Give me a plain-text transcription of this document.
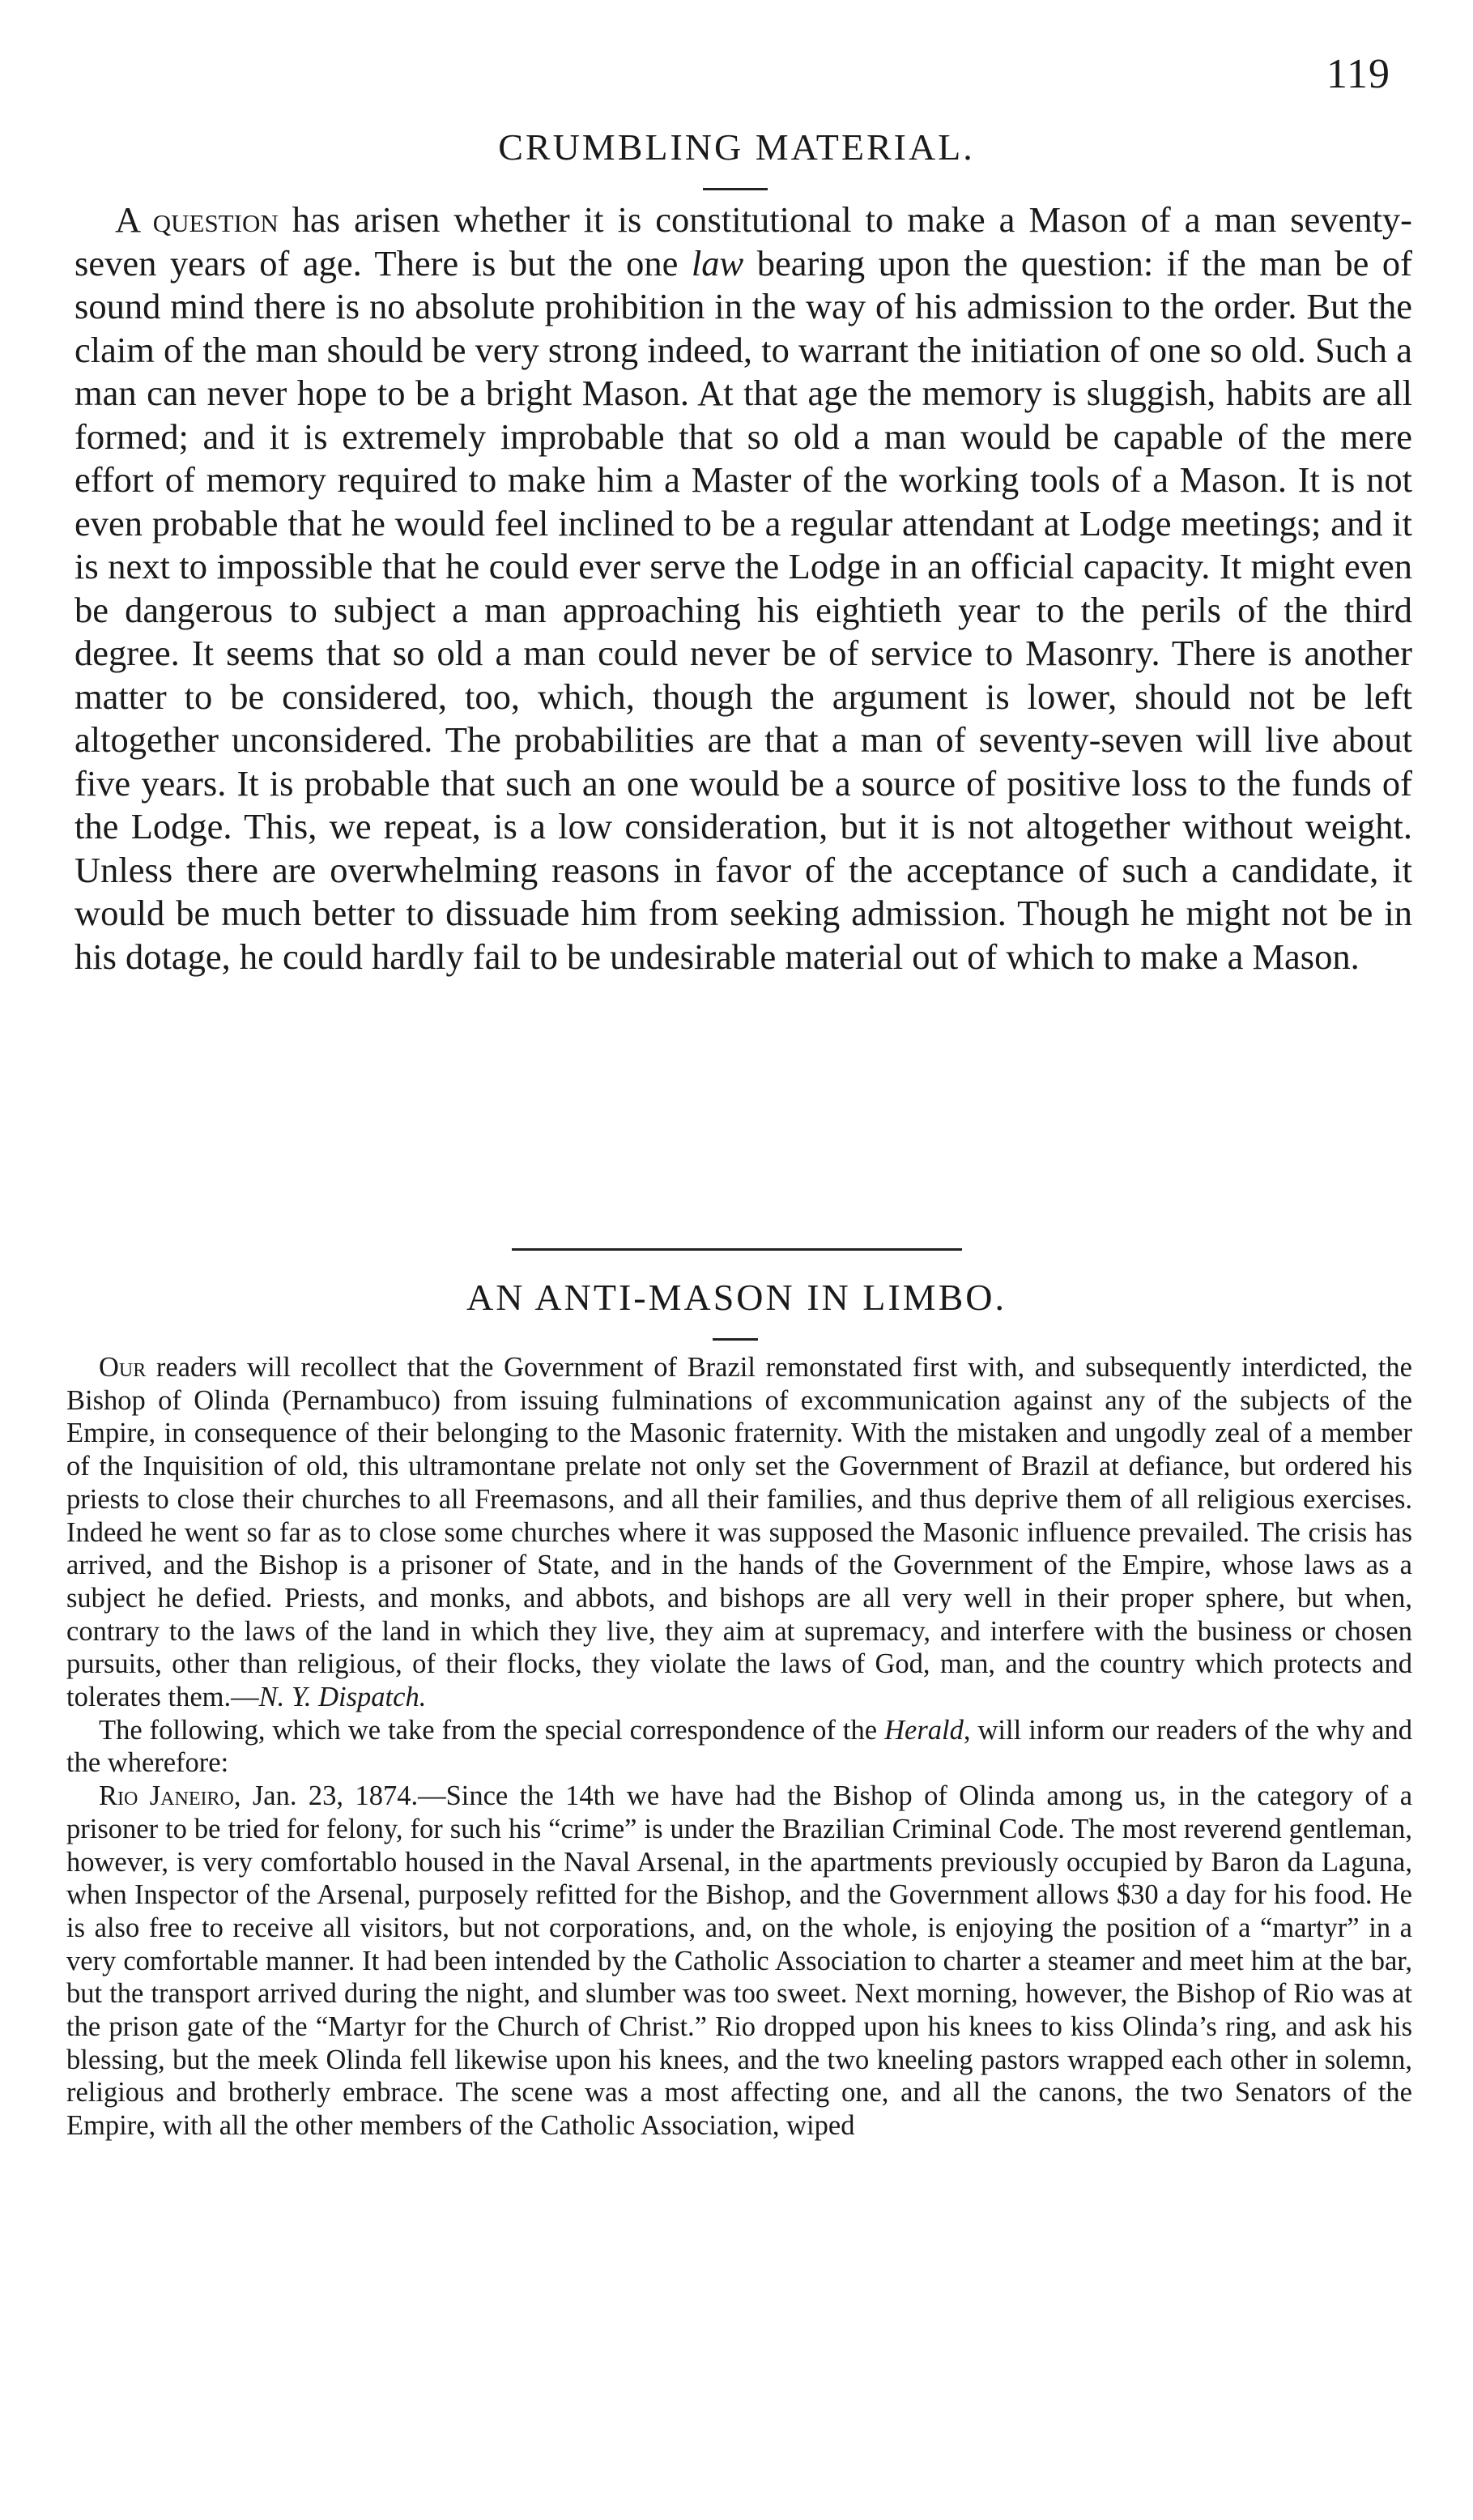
119
CRUMBLING MATERIAL.

A question has arisen whether it is constitutional to make a Mason of a man seventy-seven years of age. There is but the one law bearing upon the question: if the man be of sound mind there is no absolute prohibition in the way of his admission to the order. But the claim of the man should be very strong indeed, to warrant the initiation of one so old. Such a man can never hope to be a bright Mason. At that age the memory is sluggish, habits are all formed; and it is extremely improbable that so old a man would be capable of the mere effort of memory required to make him a Master of the working tools of a Mason. It is not even probable that he would feel inclined to be a regular attendant at Lodge meetings; and it is next to impossible that he could ever serve the Lodge in an official capacity. It might even be dangerous to subject a man approaching his eightieth year to the perils of the third degree. It seems that so old a man could never be of service to Masonry. There is another matter to be considered, too, which, though the argument is lower, should not be left altogether unconsidered. The probabilities are that a man of seventy-seven will live about five years. It is probable that such an one would be a source of positive loss to the funds of the Lodge. This, we repeat, is a low consideration, but it is not altogether without weight. Unless there are overwhelming reasons in favor of the acceptance of such a candidate, it would be much better to dissuade him from seeking admission. Though he might not be in his dotage, he could hardly fail to be undesirable material out of which to make a Mason.

AN ANTI-MASON IN LIMBO.

Our readers will recollect that the Government of Brazil remonstated first with, and subsequently interdicted, the Bishop of Olinda (Pernambuco) from issuing fulminations of excommunication against any of the subjects of the Empire, in consequence of their belonging to the Masonic fraternity. With the mistaken and ungodly zeal of a member of the Inquisition of old, this ultramontane prelate not only set the Government of Brazil at defiance, but ordered his priests to close their churches to all Freemasons, and all their families, and thus deprive them of all religious exercises. Indeed he went so far as to close some churches where it was supposed the Masonic influence prevailed. The crisis has arrived, and the Bishop is a prisoner of State, and in the hands of the Government of the Empire, whose laws as a subject he defied. Priests, and monks, and abbots, and bishops are all very well in their proper sphere, but when, contrary to the laws of the land in which they live, they aim at supremacy, and interfere with the business or chosen pursuits, other than religious, of their flocks, they violate the laws of God, man, and the country which protects and tolerates them.—N. Y. Dispatch.

The following, which we take from the special correspondence of the Herald, will inform our readers of the why and the wherefore:

Rio Janeiro, Jan. 23, 1874.—Since the 14th we have had the Bishop of Olinda among us, in the category of a prisoner to be tried for felony, for such his “crime” is under the Brazilian Criminal Code. The most reverend gentleman, however, is very comfortablo housed in the Naval Arsenal, in the apartments previously occupied by Baron da Laguna, when Inspector of the Arsenal, purposely refitted for the Bishop, and the Government allows $30 a day for his food. He is also free to receive all visitors, but not corporations, and, on the whole, is enjoying the position of a “martyr” in a very comfortable manner. It had been intended by the Catholic Association to charter a steamer and meet him at the bar, but the transport arrived during the night, and slumber was too sweet. Next morning, however, the Bishop of Rio was at the prison gate of the “Martyr for the Church of Christ.” Rio dropped upon his knees to kiss Olinda’s ring, and ask his blessing, but the meek Olinda fell likewise upon his knees, and the two kneeling pastors wrapped each other in solemn, religious and brotherly embrace. The scene was a most affecting one, and all the canons, the two Senators of the Empire, with all the other members of the Catholic Association, wiped
